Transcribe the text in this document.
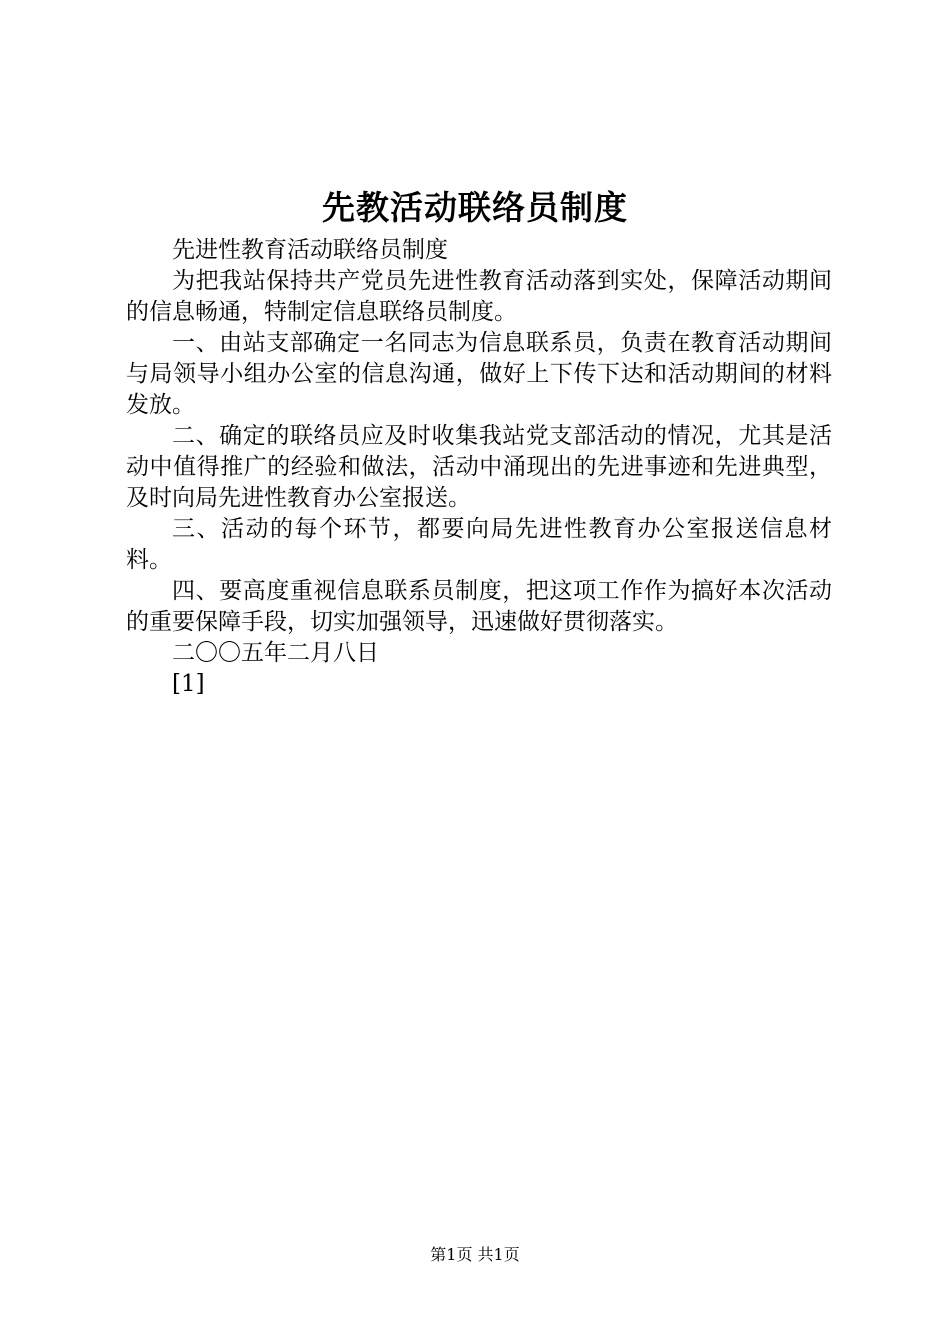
先教活动联络员制度

先进性教育活动联络员制度

为把我站保持共产党员先进性教育活动落到实处，保障活动期间的信息畅通，特制定信息联络员制度。

一、由站支部确定一名同志为信息联系员，负责在教育活动期间与局领导小组办公室的信息沟通，做好上下传下达和活动期间的材料发放。

二、确定的联络员应及时收集我站党支部活动的情况，尤其是活动中值得推广的经验和做法，活动中涌现出的先进事迹和先进典型，及时向局先进性教育办公室报送。

三、活动的每个环节，都要向局先进性教育办公室报送信息材料。

四、要高度重视信息联系员制度，把这项工作作为搞好本次活动的重要保障手段，切实加强领导，迅速做好贯彻落实。

二〇〇五年二月八日

[1]

第1页 共1页
